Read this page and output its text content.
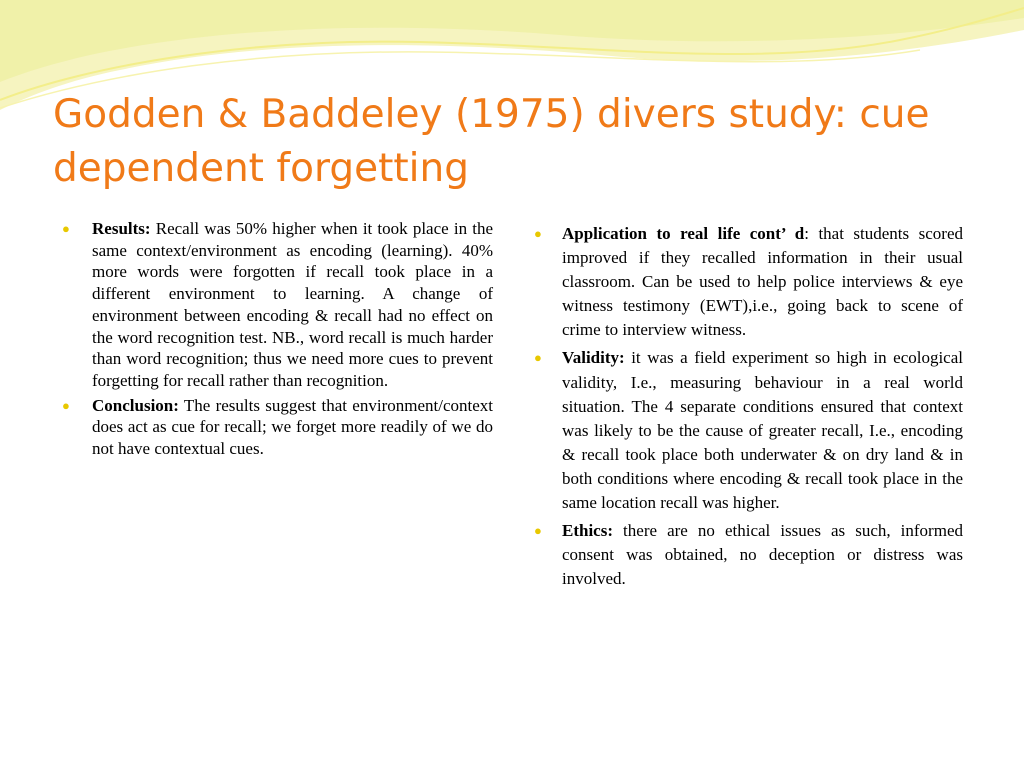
Godden & Baddeley (1975) divers study: cue dependent forgetting
● Results: Recall was 50% higher when it took place in the same context/environment as encoding (learning). 40% more words were forgotten if recall took place in a different environment to learning. A change of environment between encoding & recall had no effect on the word recognition test. NB., word recall is much harder than word recognition; thus we need more cues to prevent forgetting for recall rather than recognition.
● Conclusion: The results suggest that environment/context does act as cue for recall; we forget more readily of we do not have contextual cues.
● Application to real life cont’ d: that students scored improved if they recalled information in their usual classroom. Can be used to help police interviews & eye witness testimony (EWT),i.e., going back to scene of crime to interview witness.
● Validity: it was a field experiment so high in ecological validity, I.e., measuring behaviour in a real world situation. The 4 separate conditions ensured that context was likely to be the cause of greater recall, I.e., encoding & recall took place both underwater & on dry land & in both conditions where encoding & recall took place in the same location recall was higher.
● Ethics: there are no ethical issues as such, informed consent was obtained, no deception or distress was involved.
